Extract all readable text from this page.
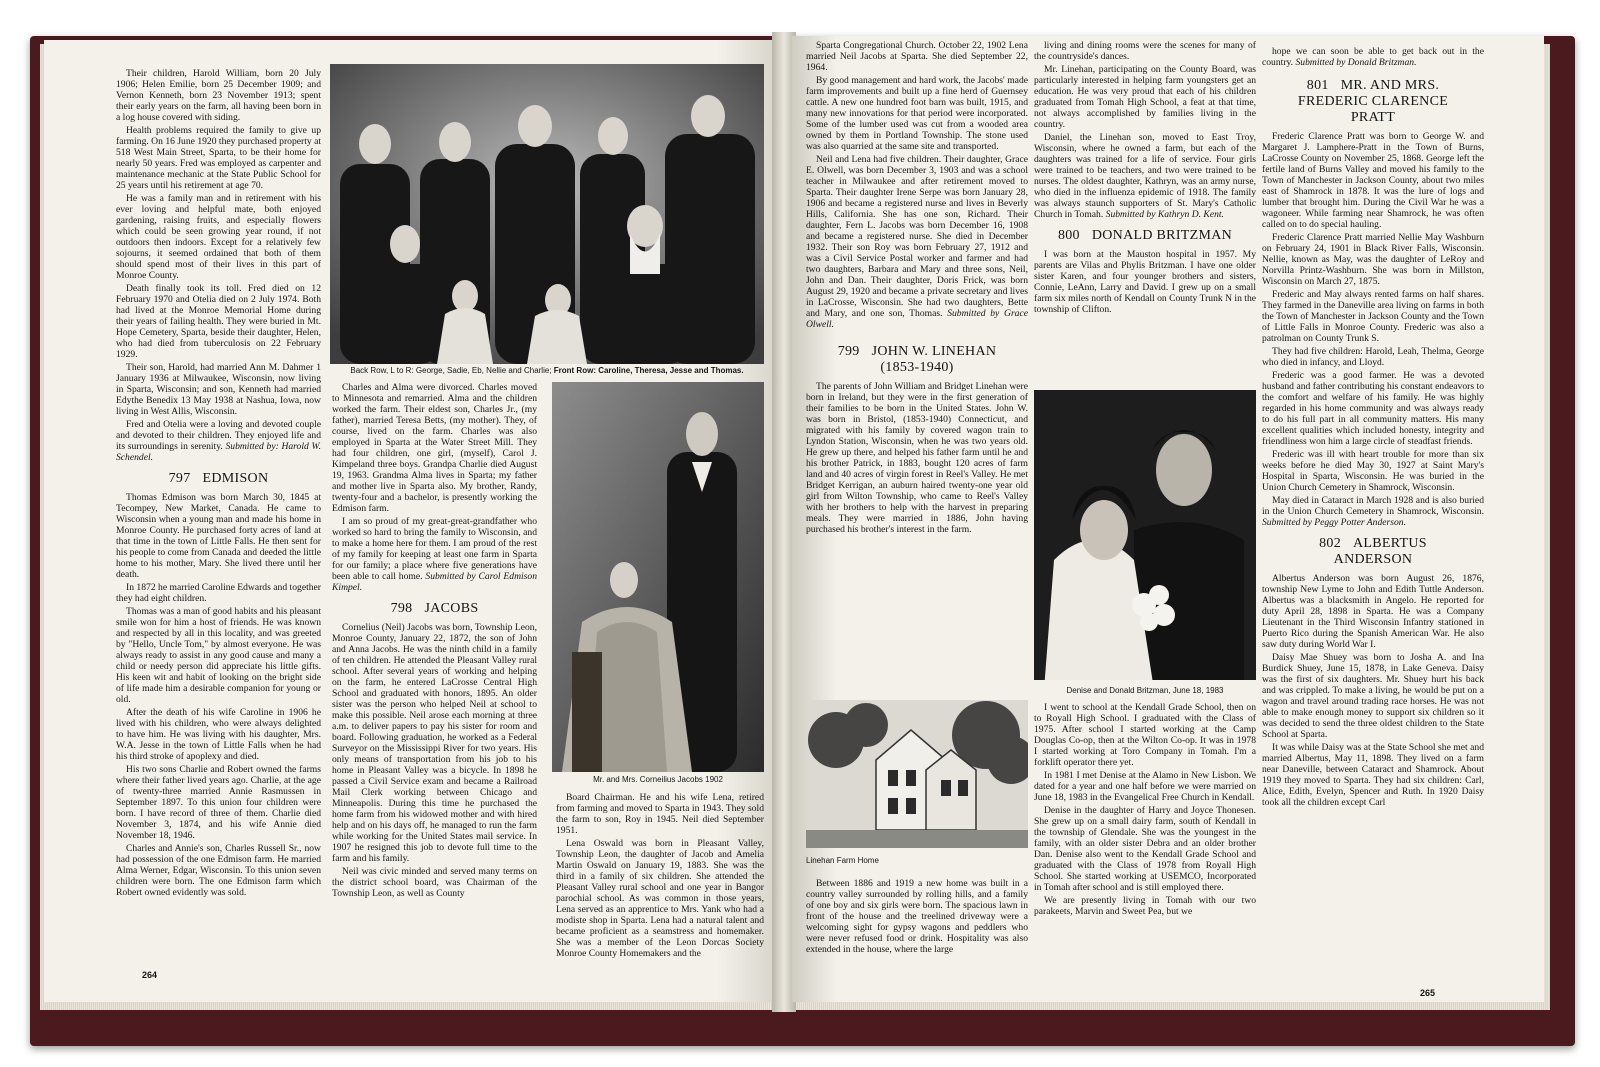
Their children, Harold William, born 20 July 1906; Helen Emilie, born 25 December 1909; and Vernon Kenneth, born 23 November 1913; spent their early years on the farm, all having been born in a log house covered with siding.

Health problems required the family to give up farming. On 16 June 1920 they purchased property at 518 West Main Street, Sparta, to be their home for nearly 50 years. Fred was employed as carpenter and maintenance mechanic at the State Public School for 25 years until his retirement at age 70.

He was a family man and in retirement with his ever loving and helpful mate, both enjoyed gardening, raising fruits, and especially flowers which could be seen growing year round, if not outdoors then indoors. Except for a relatively few sojourns, it seemed ordained that both of them should spend most of their lives in this part of Monroe County.

Death finally took its toll. Fred died on 12 February 1970 and Otelia died on 2 July 1974. Both had lived at the Monroe Memorial Home during their years of failing health. They were buried in Mt. Hope Cemetery, Sparta, beside their daughter, Helen, who had died from tuberculosis on 22 February 1929.

Their son, Harold, had married Ann M. Dahmer 1 January 1936 at Milwaukee, Wisconsin, now living in Sparta, Wisconsin; and son, Kenneth had married Edythe Benedix 13 May 1938 at Nashua, Iowa, now living in West Allis, Wisconsin.

Fred and Otelia were a loving and devoted couple and devoted to their children. They enjoyed life and its surroundings in serenity. Submitted by: Harold W. Schendel.

797 EDMISON

Thomas Edmison was born March 30, 1845 at Tecompey, New Market, Canada. He came to Wisconsin when a young man and made his home in Monroe County. He purchased forty acres of land at that time in the town of Little Falls. He then sent for his people to come from Canada and deeded the little home to his mother, Mary. She lived there until her death.

In 1872 he married Caroline Edwards and together they had eight children.

Thomas was a man of good habits and his pleasant smile won for him a host of friends. He was known and respected by all in this locality, and was greeted by "Hello, Uncle Tom," by almost everyone. He was always ready to assist in any good cause and many a child or needy person did appreciate his little gifts. His keen wit and habit of looking on the bright side of life made him a desirable companion for young or old.

After the death of his wife Caroline in 1906 he lived with his children, who were always delighted to have him. He was living with his daughter, Mrs. W.A. Jesse in the town of Little Falls when he had his third stroke of apoplexy and died.

His two sons Charlie and Robert owned the farms where their father lived years ago. Charlie, at the age of twenty-three married Annie Rasmussen in September 1897. To this union four children were born. I have record of three of them. Charlie died November 3, 1874, and his wife Annie died November 18, 1946.

Charles and Annie's son, Charles Russell Sr., now had possession of the one Edmison farm. He married Alma Werner, Edgar, Wisconsin. To this union seven children were born. The one Edmison farm which Robert owned evidently was sold.

Back Row, L to R: George, Sadie, Eb, Nellie and Charlie; Front Row: Caroline, Theresa, Jesse and Thomas.

Charles and Alma were divorced. Charles moved to Minnesota and remarried. Alma and the children worked the farm. Their eldest son, Charles Jr., (my father), married Teresa Betts, (my mother). They, of course, lived on the farm. Charles was also employed in Sparta at the Water Street Mill. They had four children, one girl, (myself), Carol J. Kimpeland three boys. Grandpa Charlie died August 19, 1963. Grandma Alma lives in Sparta; my father and mother live in Sparta also. My brother, Randy, twenty-four and a bachelor, is presently working the Edmison farm.

I am so proud of my great-great-grandfather who worked so hard to bring the family to Wisconsin, and to make a home here for them. I am proud of the rest of my family for keeping at least one farm in Sparta for our family; a place where five generations have been able to call home. Submitted by Carol Edmison Kimpel.

798 JACOBS

Cornelius (Neil) Jacobs was born, Township Leon, Monroe County, January 22, 1872, the son of John and Anna Jacobs. He was the ninth child in a family of ten children. He attended the Pleasant Valley rural school. After several years of working and helping on the farm, he entered LaCrosse Central High School and graduated with honors, 1895. An older sister was the person who helped Neil at school to make this possible. Neil arose each morning at three a.m. to deliver papers to pay his sister for room and board. Following graduation, he worked as a Federal Surveyor on the Mississippi River for two years. His only means of transportation from his job to his home in Pleasant Valley was a bicycle. In 1898 he passed a Civil Service exam and became a Railroad Mail Clerk working between Chicago and Minneapolis. During this time he purchased the home farm from his widowed mother and with hired help and on his days off, he managed to run the farm while working for the United States mail service. In 1907 he resigned this job to devote full time to the farm and his family.

Neil was civic minded and served many terms on the district school board, was Chairman of the Township Leon, as well as County

Mr. and Mrs. Corneilius Jacobs 1902

Board Chairman. He and his wife Lena, retired from farming and moved to Sparta in 1943. They sold the farm to son, Roy in 1945. Neil died September 1951.

Lena Oswald was born in Pleasant Valley, Township Leon, the daughter of Jacob and Amelia Martin Oswald on January 19, 1883. She was the third in a family of six children. She attended the Pleasant Valley rural school and one year in Bangor parochial school. As was common in those years, Lena served as an apprentice to Mrs. Yank who had a modiste shop in Sparta. Lena had a natural talent and became proficient as a seamstress and homemaker. She was a member of the Leon Dorcas Society Monroe County Homemakers and the

264

Sparta Congregational Church. October 22, 1902 Lena married Neil Jacobs at Sparta. She died September 22, 1964.

By good management and hard work, the Jacobs' made farm improvements and built up a fine herd of Guernsey cattle. A new one hundred foot barn was built, 1915, and many new innovations for that period were incorporated. Some of the lumber used was cut from a wooded area owned by them in Portland Township. The stone used was also quarried at the same site and transported.

Neil and Lena had five children. Their daughter, Grace E. Olwell, was born December 3, 1903 and was a school teacher in Milwaukee and after retirement moved to Sparta. Their daughter Irene Serpe was born January 28, 1906 and became a registered nurse and lives in Beverly Hills, California. She has one son, Richard. Their daughter, Fern L. Jacobs was born December 16, 1908 and became a registered nurse. She died in December 1932. Their son Roy was born February 27, 1912 and was a Civil Service Postal worker and farmer and had two daughters, Barbara and Mary and three sons, Neil, John and Dan. Their daughter, Doris Frick, was born August 29, 1920 and became a private secretary and lives in LaCrosse, Wisconsin. She had two daughters, Bette and Mary, and one son, Thomas. Submitted by Grace Olwell.

799 JOHN W. LINEHAN
(1853-1940)

The parents of John William and Bridget Linehan were born in Ireland, but they were in the first generation of their families to be born in the United States. John W. was born in Bristol, (1853-1940) Connecticut, and migrated with his family by covered wagon train to Lyndon Station, Wisconsin, when he was two years old. He grew up there, and helped his father farm until he and his brother Patrick, in 1883, bought 120 acres of farm land and 40 acres of virgin forest in Reel's Valley. He met Bridget Kerrigan, an auburn haired twenty-one year old girl from Wilton Township, who came to Reel's Valley with her brothers to help with the harvest in preparing meals. They were married in 1886, John having purchased his brother's interest in the farm.

Linehan Farm Home

Between 1886 and 1919 a new home was built in a country valley surrounded by rolling hills, and a family of one boy and six girls were born. The spacious lawn in front of the house and the treelined driveway were a welcoming sight for gypsy wagons and peddlers who were never refused food or drink. Hospitality was also extended in the house, where the large

living and dining rooms were the scenes for many of the countryside's dances.

Mr. Linehan, participating on the County Board, was particularly interested in helping farm youngsters get an education. He was very proud that each of his children graduated from Tomah High School, a feat at that time, not always accomplished by families living in the country.

Daniel, the Linehan son, moved to East Troy, Wisconsin, where he owned a farm, but each of the daughters was trained for a life of service. Four girls were trained to be teachers, and two were trained to be nurses. The oldest daughter, Kathryn, was an army nurse, who died in the influenza epidemic of 1918. The family was always staunch supporters of St. Mary's Catholic Church in Tomah. Submitted by Kathryn D. Kent.

800 DONALD BRITZMAN

I was born at the Mauston hospital in 1957. My parents are Vilas and Phylis Britzman. I have one older sister Karen, and four younger brothers and sisters, Connie, LeAnn, Larry and David. I grew up on a small farm six miles north of Kendall on County Trunk N in the township of Clifton.

Denise and Donald Britzman, June 18, 1983

I went to school at the Kendall Grade School, then on to Royall High School. I graduated with the Class of 1975. After school I started working at the Camp Douglas Co-op, then at the Wilton Co-op. It was in 1978 I started working at Toro Company in Tomah. I'm a forklift operator there yet.

In 1981 I met Denise at the Alamo in New Lisbon. We dated for a year and one half before we were married on June 18, 1983 in the Evangelical Free Church in Kendall.

Denise in the daughter of Harry and Joyce Thonesen. She grew up on a small dairy farm, south of Kendall in the township of Glendale. She was the youngest in the family, with an older sister Debra and an older brother Dan. Denise also went to the Kendall Grade School and graduated with the Class of 1978 from Royall High School. She started working at USEMCO, Incorporated in Tomah after school and is still employed there.

We are presently living in Tomah with our two parakeets, Marvin and Sweet Pea, but we

hope we can soon be able to get back out in the country. Submitted by Donald Britzman.

801 MR. AND MRS.
FREDERIC CLARENCE
PRATT

Frederic Clarence Pratt was born to George W. and Margaret J. Lamphere-Pratt in the Town of Burns, LaCrosse County on November 25, 1868. George left the fertile land of Burns Valley and moved his family to the Town of Manchester in Jackson County, about two miles east of Shamrock in 1878. It was the lure of logs and lumber that brought him. During the Civil War he was a wagoneer. While farming near Shamrock, he was often called on to do special hauling.

Frederic Clarence Pratt married Nellie May Washburn on February 24, 1901 in Black River Falls, Wisconsin. Nellie, known as May, was the daughter of LeRoy and Norvilla Printz-Washburn. She was born in Millston, Wisconsin on March 27, 1875.

Frederic and May always rented farms on half shares. They farmed in the Daneville area living on farms in both the Town of Manchester in Jackson County and the Town of Little Falls in Monroe County. Frederic was also a patrolman on County Trunk S.

They had five children: Harold, Leah, Thelma, George who died in infancy, and Lloyd.

Frederic was a good farmer. He was a devoted husband and father contributing his constant endeavors to the comfort and welfare of his family. He was highly regarded in his home community and was always ready to do his full part in all community matters. His many excellent qualities which included honesty, integrity and friendliness won him a large circle of steadfast friends.

Frederic was ill with heart trouble for more than six weeks before he died May 30, 1927 at Saint Mary's Hospital in Sparta, Wisconsin. He was buried in the Union Church Cemetery in Shamrock, Wisconsin.

May died in Cataract in March 1928 and is also buried in the Union Church Cemetery in Shamrock, Wisconsin. Submitted by Peggy Potter Anderson.

802 ALBERTUS
ANDERSON

Albertus Anderson was born August 26, 1876, township New Lyme to John and Edith Tuttle Anderson. Albertus was a blacksmith in Angelo. He reported for duty April 28, 1898 in Sparta. He was a Company Lieutenant in the Third Wisconsin Infantry stationed in Puerto Rico during the Spanish American War. He also saw duty during World War I.

Daisy Mae Shuey was born to Josha A. and Ina Burdick Shuey, June 15, 1878, in Lake Geneva. Daisy was the first of six daughters. Mr. Shuey hurt his back and was crippled. To make a living, he would be put on a wagon and travel around trading race horses. He was not able to make enough money to support six children so it was decided to send the three oldest children to the State School at Sparta.

It was while Daisy was at the State School she met and married Albertus, May 11, 1898. They lived on a farm near Daneville, between Cataract and Shamrock. About 1919 they moved to Sparta. They had six children: Carl, Alice, Edith, Evelyn, Spencer and Ruth. In 1920 Daisy took all the children except Carl

265
